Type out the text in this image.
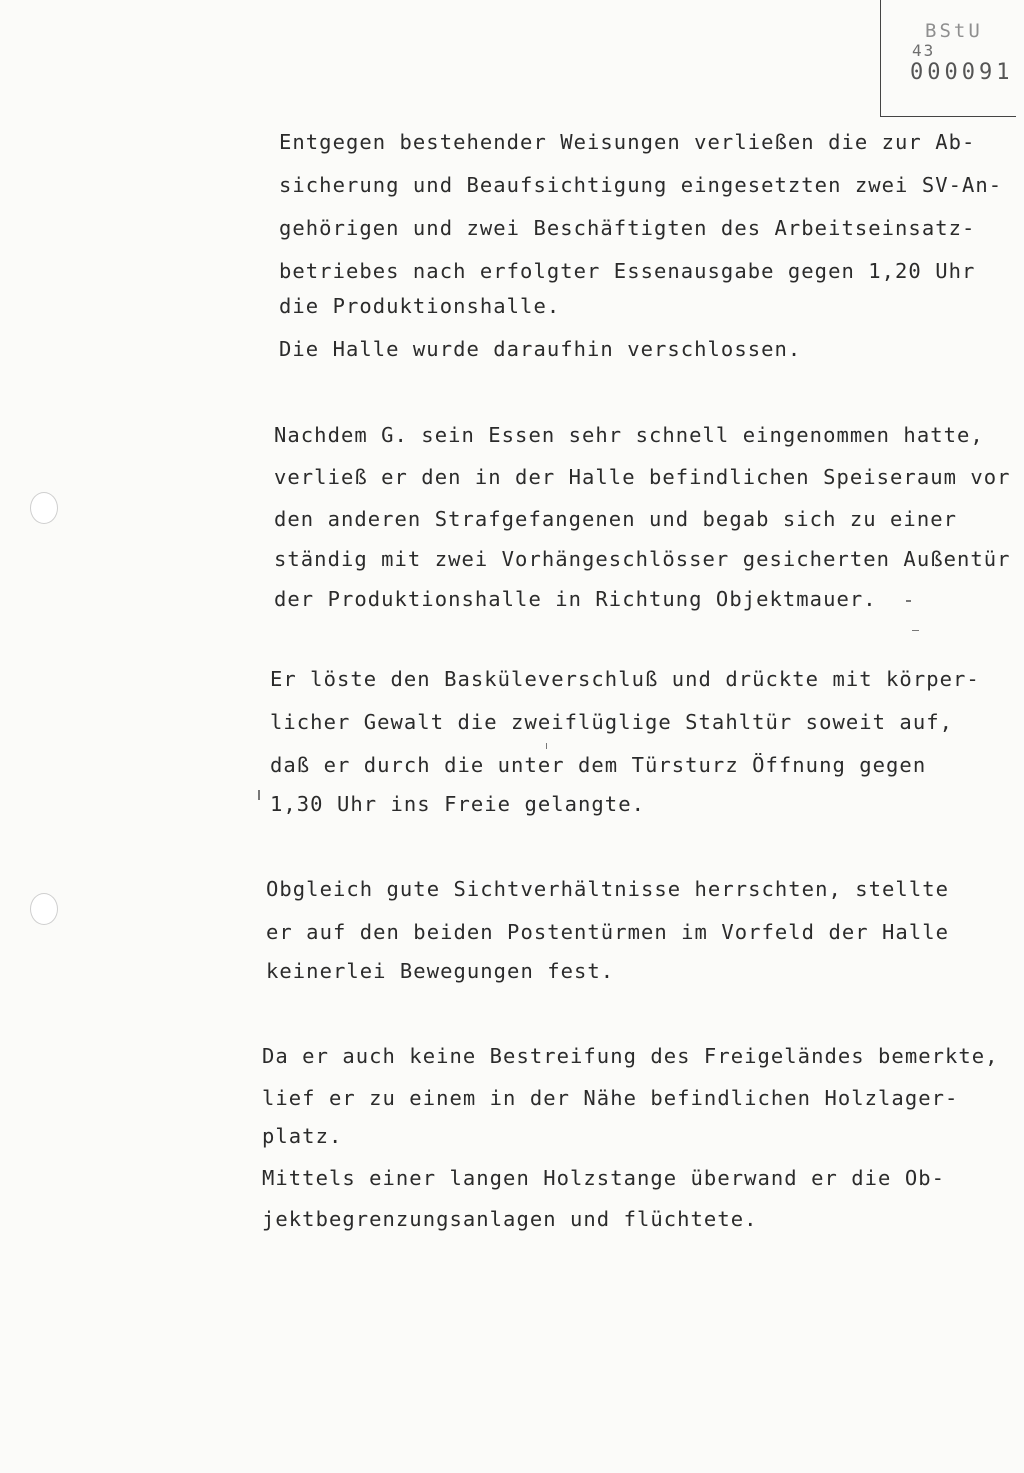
BStU
43
000091
Entgegen bestehender Weisungen verließen die zur Ab-
sicherung und Beaufsichtigung eingesetzten zwei SV-An-
gehörigen und zwei Beschäftigten des Arbeitseinsatz-
betriebes nach erfolgter Essenausgabe gegen 1,20 Uhr
die Produktionshalle.
Die Halle wurde daraufhin verschlossen.
Nachdem G. sein Essen sehr schnell eingenommen hatte,
verließ er den in der Halle befindlichen Speiseraum vor
den anderen Strafgefangenen und begab sich zu einer
ständig mit zwei Vorhängeschlösser gesicherten Außentür
der Produktionshalle in Richtung Objektmauer.
Er löste den Basküleverschluß und drückte mit körper-
licher Gewalt die zweiflüglige Stahltür soweit auf,
daß er durch die unter dem Türsturz Öffnung gegen
1,30 Uhr ins Freie gelangte.
Obgleich gute Sichtverhältnisse herrschten, stellte
er auf den beiden Postentürmen im Vorfeld der Halle
keinerlei Bewegungen fest.
Da er auch keine Bestreifung des Freigeländes bemerkte,
lief er zu einem in der Nähe befindlichen Holzlager-
platz.
Mittels einer langen Holzstange überwand er die Ob-
jektbegrenzungsanlagen und flüchtete.
